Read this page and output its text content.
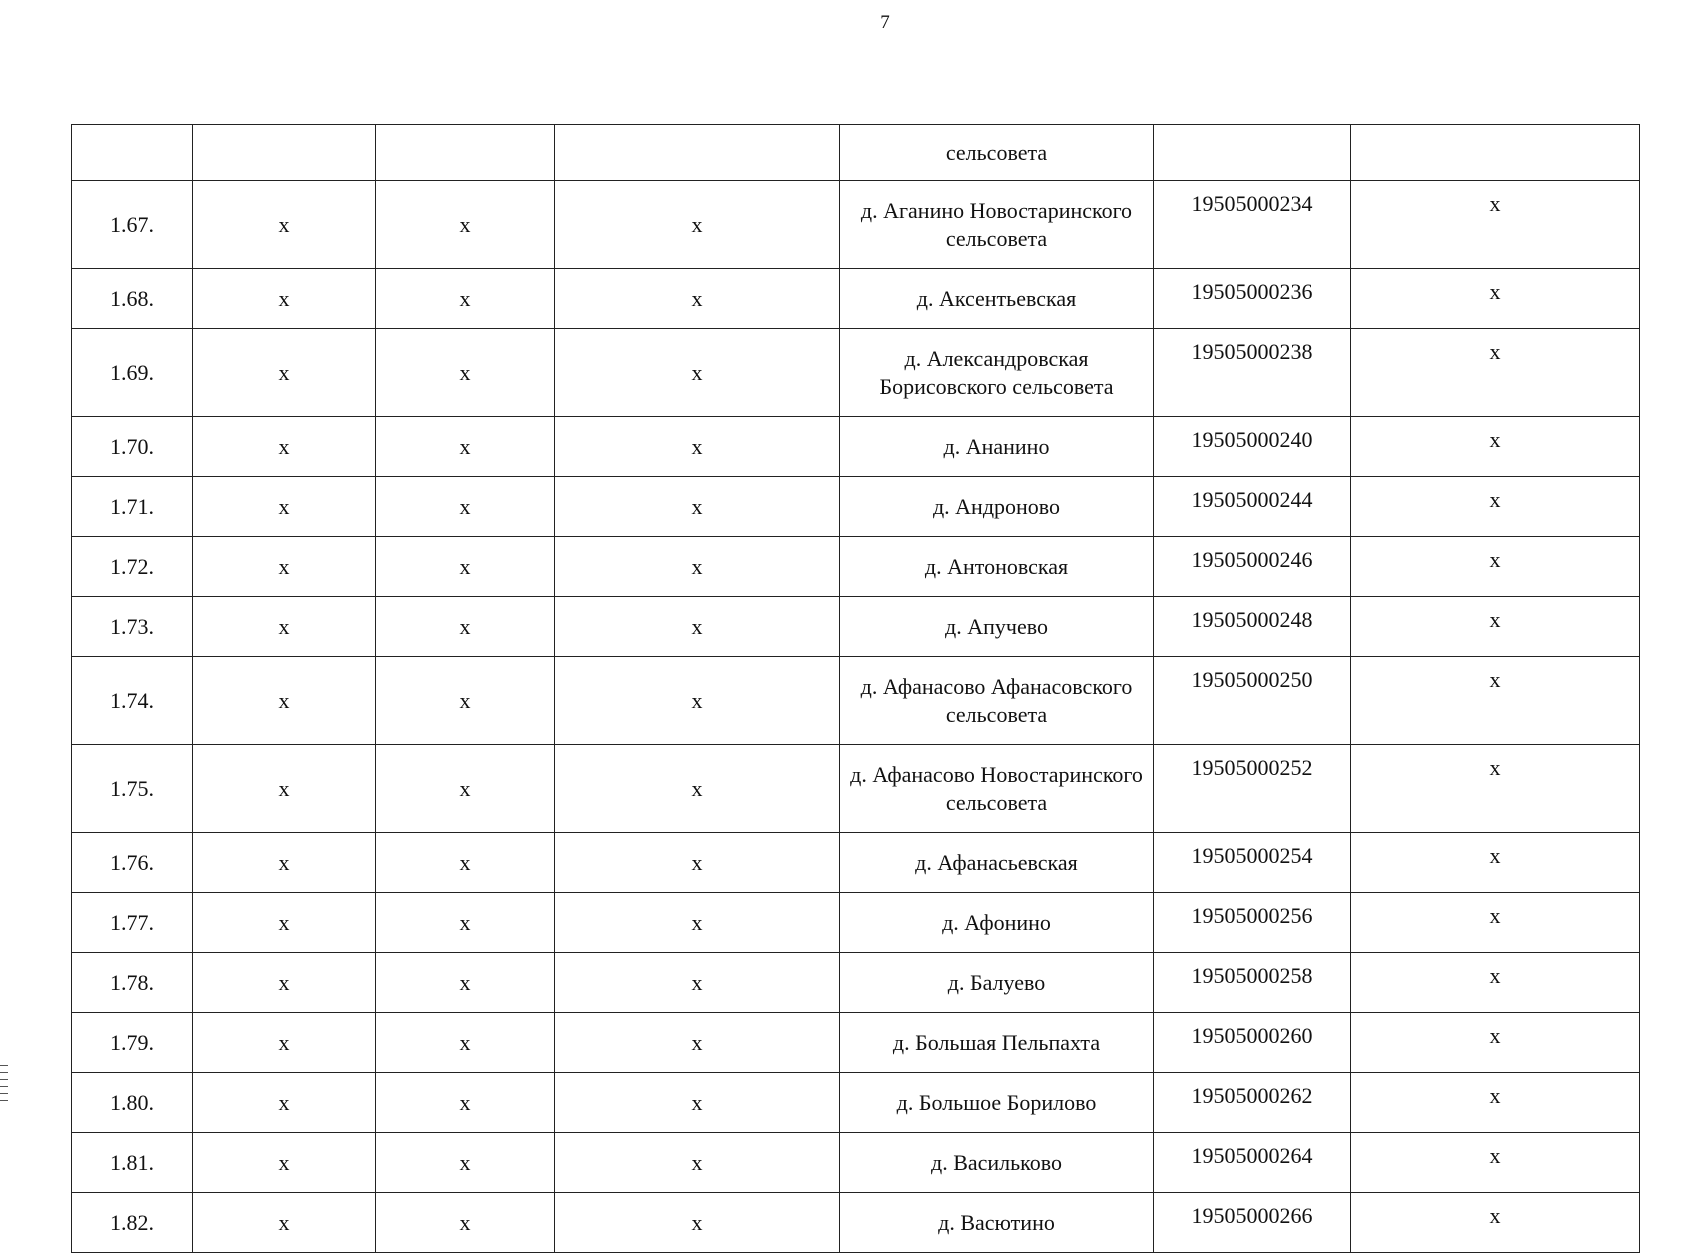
7
				сельсовета		
1.67.	х	х	х	д. Аганино Новостаринского сельсовета	19505000234	х
1.68.	х	х	х	д. Аксентьевская	19505000236	х
1.69.	х	х	х	д. Александровская Борисовского сельсовета	19505000238	х
1.70.	х	х	х	д. Ананино	19505000240	х
1.71.	х	х	х	д. Андроново	19505000244	х
1.72.	х	х	х	д. Антоновская	19505000246	х
1.73.	х	х	х	д. Апучево	19505000248	х
1.74.	х	х	х	д. Афанасово Афанасовского сельсовета	19505000250	х
1.75.	х	х	х	д. Афанасово Новостаринского сельсовета	19505000252	х
1.76.	х	х	х	д. Афанасьевская	19505000254	х
1.77.	х	х	х	д. Афонино	19505000256	х
1.78.	х	х	х	д. Балуево	19505000258	х
1.79.	х	х	х	д. Большая Пельпахта	19505000260	х
1.80.	х	х	х	д. Большое Борилово	19505000262	х
1.81.	х	х	х	д. Васильково	19505000264	х
1.82.	х	х	х	д. Васютино	19505000266	х
